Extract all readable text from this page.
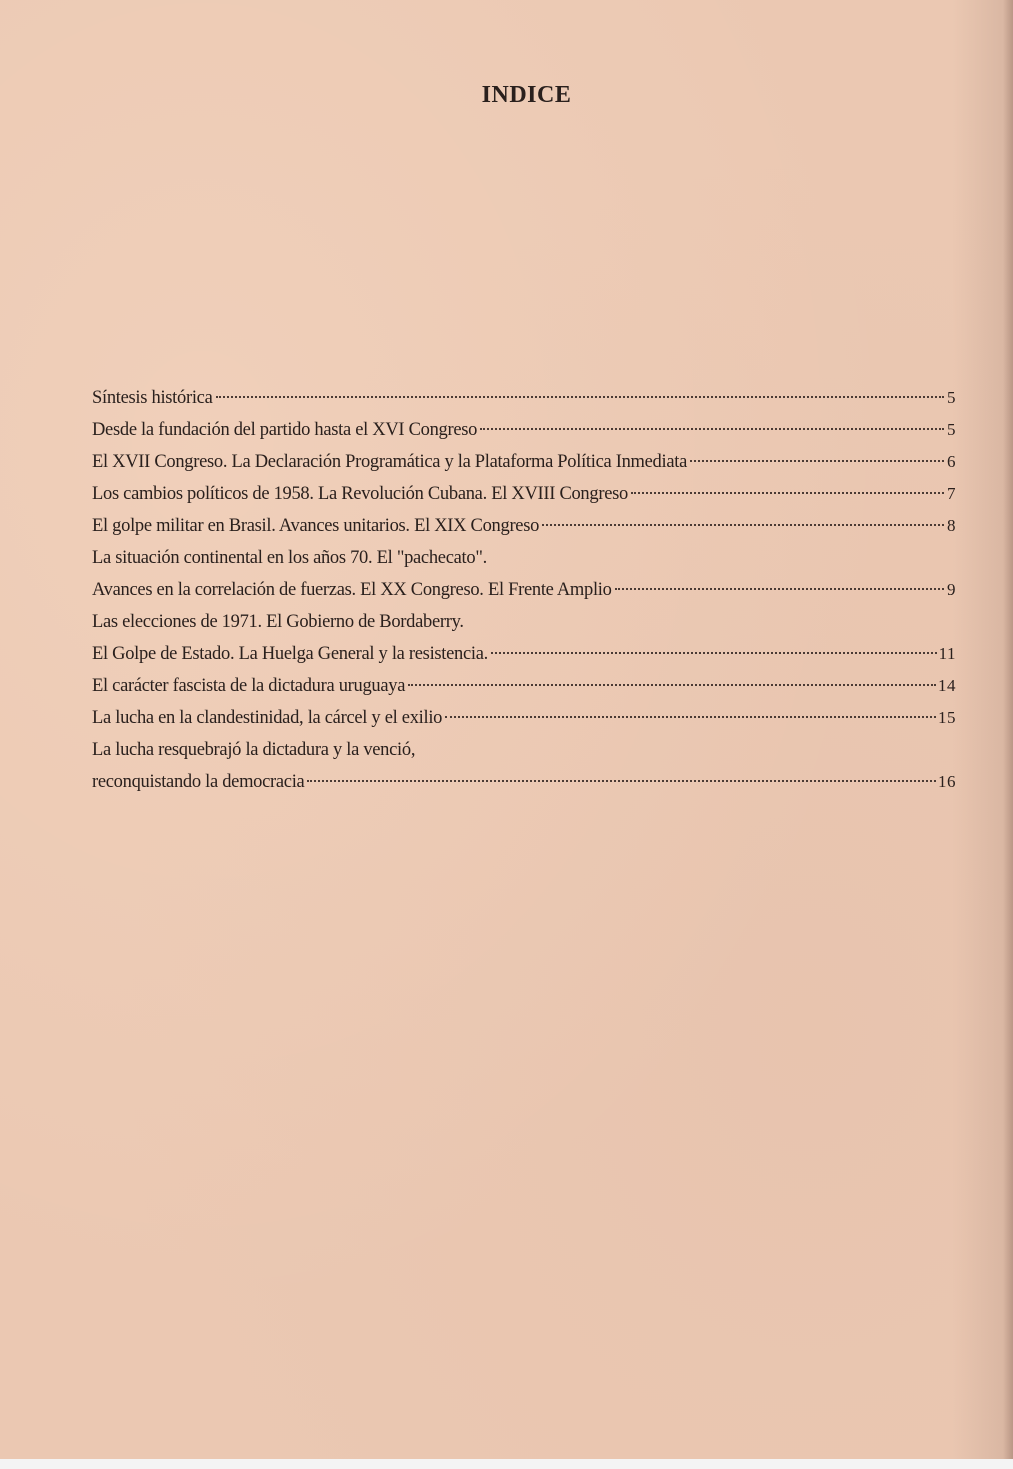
INDICE
Síntesis histórica	5
Desde la fundación del partido hasta el XVI Congreso	5
El XVII Congreso. La Declaración Programática y la Plataforma Política Inmediata	6
Los cambios políticos de 1958. La Revolución Cubana. El XVIII Congreso	7
El golpe militar en Brasil. Avances unitarios. El XIX Congreso	8
La situación continental en los años 70. El "pachecato".
Avances en la correlación de fuerzas. El XX Congreso. El Frente Amplio	9
Las elecciones de 1971. El Gobierno de Bordaberry.
El Golpe de Estado. La Huelga General y la resistencia.	11
El carácter fascista de la dictadura uruguaya	14
La lucha en la clandestinidad, la cárcel y el exilio	15
La lucha resquebrajó la dictadura y la venció,
reconquistando la democracia	16
